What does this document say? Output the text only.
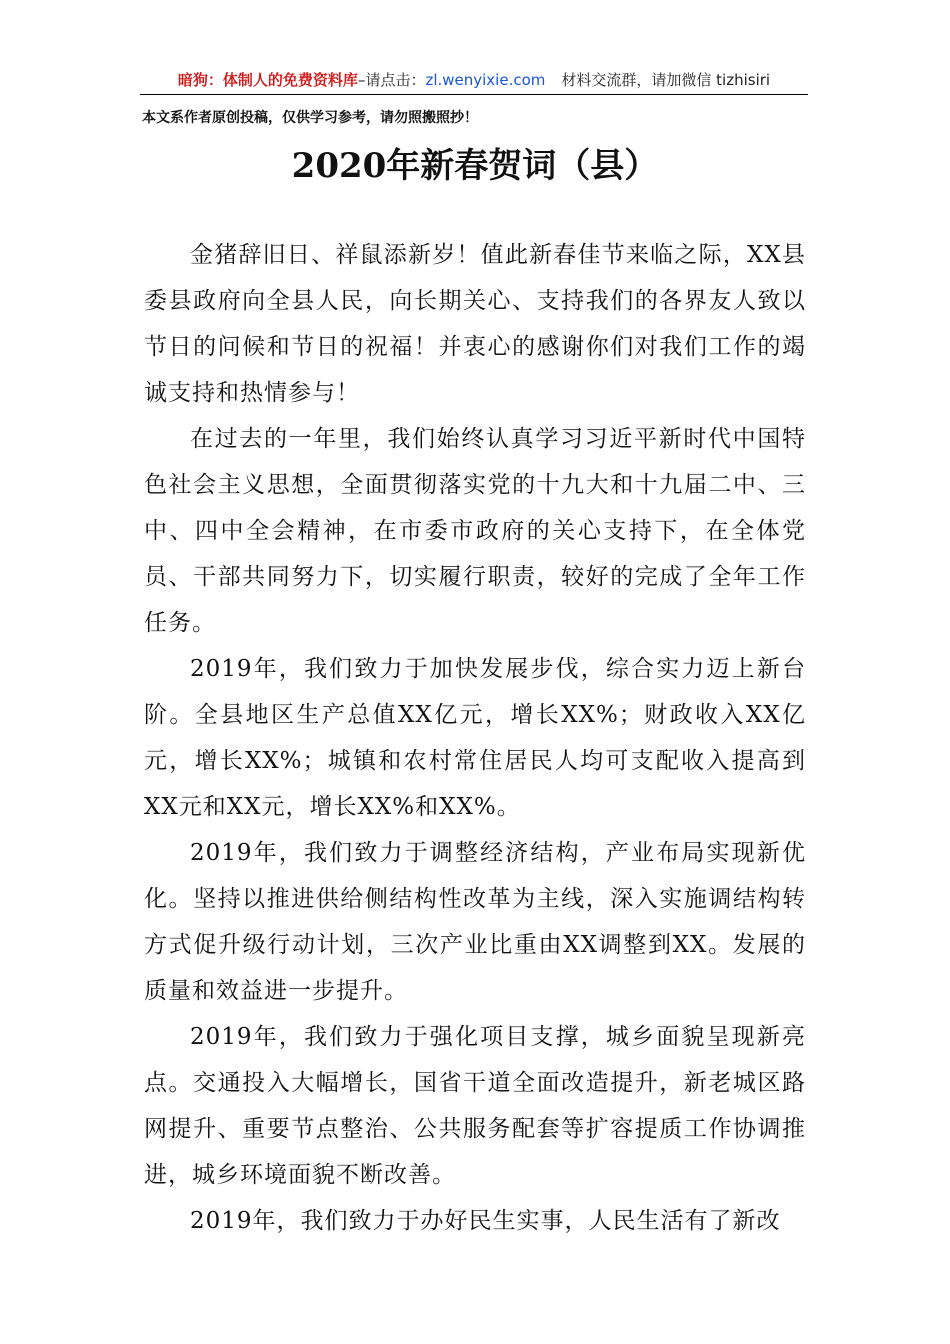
暗狗：体制人的免费资料库–请点击：zl.wenyixie.com 材料交流群，请加微信 tizhisiri
本文系作者原创投稿，仅供学习参考，请勿照搬照抄！
2020年新春贺词（县）

金猪辞旧日、祥鼠添新岁！值此新春佳节来临之际，XX县委县政府向全县人民，向长期关心、支持我们的各界友人致以节日的问候和节日的祝福！并衷心的感谢你们对我们工作的竭诚支持和热情参与！

在过去的一年里，我们始终认真学习习近平新时代中国特色社会主义思想，全面贯彻落实党的十九大和十九届二中、三中、四中全会精神，在市委市政府的关心支持下，在全体党员、干部共同努力下，切实履行职责，较好的完成了全年工作任务。

2019年，我们致力于加快发展步伐，综合实力迈上新台阶。全县地区生产总值XX亿元，增长XX%；财政收入XX亿元，增长XX%；城镇和农村常住居民人均可支配收入提高到XX元和XX元，增长XX%和XX%。

2019年，我们致力于调整经济结构，产业布局实现新优化。坚持以推进供给侧结构性改革为主线，深入实施调结构转方式促升级行动计划，三次产业比重由XX调整到XX。发展的质量和效益进一步提升。

2019年，我们致力于强化项目支撑，城乡面貌呈现新亮点。交通投入大幅增长，国省干道全面改造提升，新老城区路网提升、重要节点整治、公共服务配套等扩容提质工作协调推进，城乡环境面貌不断改善。

2019年，我们致力于办好民生实事，人民生活有了新改
